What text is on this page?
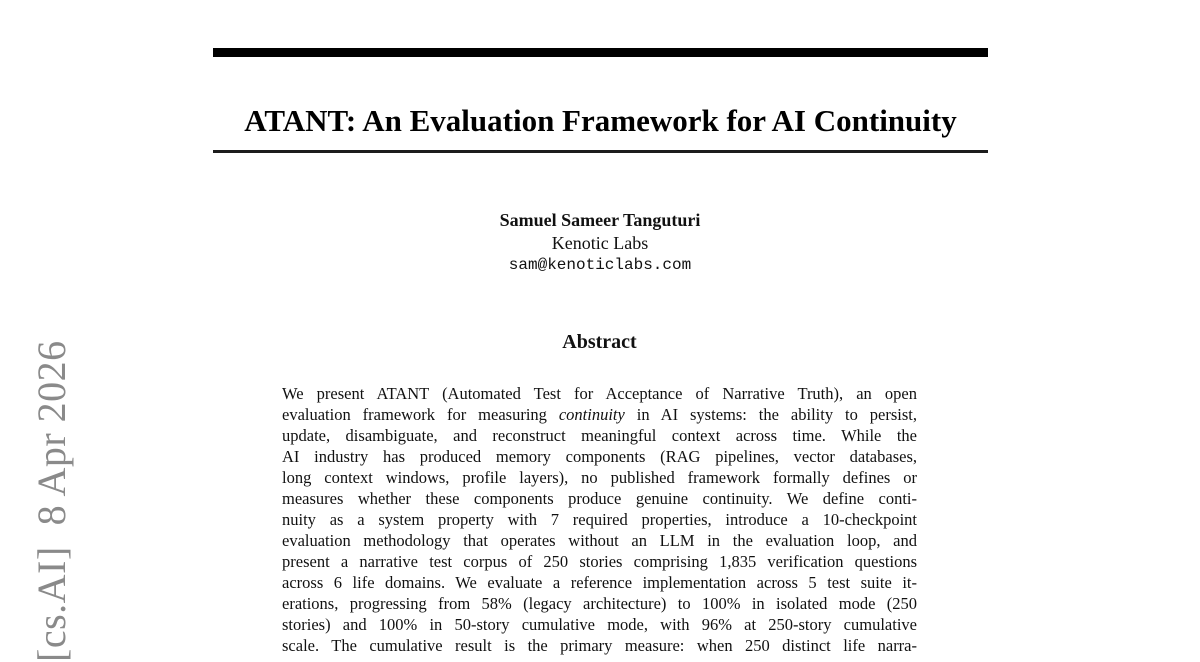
[cs.AI]  8 Apr 2026
ATANT: An Evaluation Framework for AI Continuity
Samuel Sameer Tanguturi
Kenotic Labs
sam@kenoticlabs.com
Abstract
We present ATANT (Automated Test for Acceptance of Narrative Truth), an open
evaluation framework for measuring continuity in AI systems: the ability to persist,
update, disambiguate, and reconstruct meaningful context across time. While the
AI industry has produced memory components (RAG pipelines, vector databases,
long context windows, profile layers), no published framework formally defines or
measures whether these components produce genuine continuity. We define conti-
nuity as a system property with 7 required properties, introduce a 10-checkpoint
evaluation methodology that operates without an LLM in the evaluation loop, and
present a narrative test corpus of 250 stories comprising 1,835 verification questions
across 6 life domains. We evaluate a reference implementation across 5 test suite it-
erations, progressing from 58% (legacy architecture) to 100% in isolated mode (250
stories) and 100% in 50-story cumulative mode, with 96% at 250-story cumulative
scale. The cumulative result is the primary measure: when 250 distinct life narra-
